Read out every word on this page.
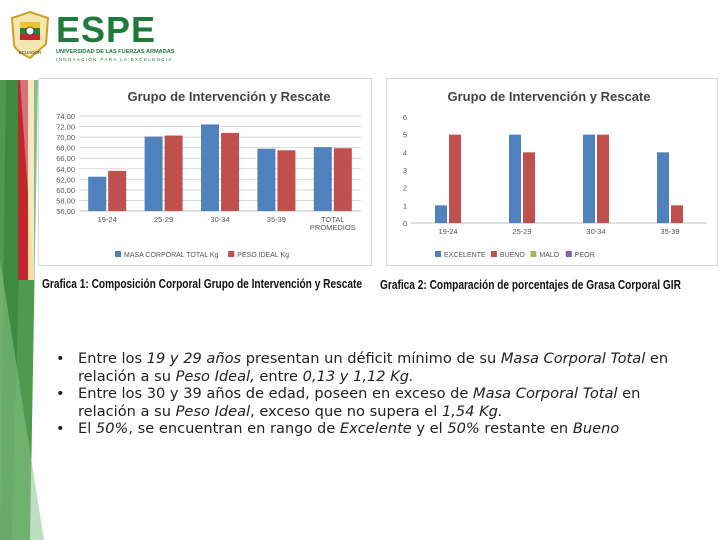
ECUADOR
ESPE
UNIVERSIDAD DE LAS FUERZAS ARMADAS
INNOVACIÓN PARA LA EXCELENCIA
Grupo de Intervención y Rescate
74,00
72,00
70,00
68,00
66,00
64,00
62,00
60,00
58,00
56,00
19-24	25-29	30-34	35-39	TOTAL
PROMEDIOS
MASA CORPORAL TOTAL Kg	PESO IDEAL Kg
Grupo de Intervención y Rescate
6
5
4
3
2
1
0
19-24	25-29	30-34	35-39
EXCELENTE BUENO MALO PEOR
Grafica 1: Composición Corporal Grupo de Intervención y Rescate Grafica 2: Comparación de porcentajes de Grasa Corporal GIR

• Entre los 19 y 29 años presentan un déficit mínimo de su Masa Corporal Total en relación a su Peso Ideal, entre 0,13 y 1,12 Kg.

• Entre los 30 y 39 años de edad, poseen en exceso de Masa Corporal Total en relación a su Peso Ideal, exceso que no supera el 1,54 Kg.

• El 50%, se encuentran en rango de Excelente y el 50% restante en Bueno
